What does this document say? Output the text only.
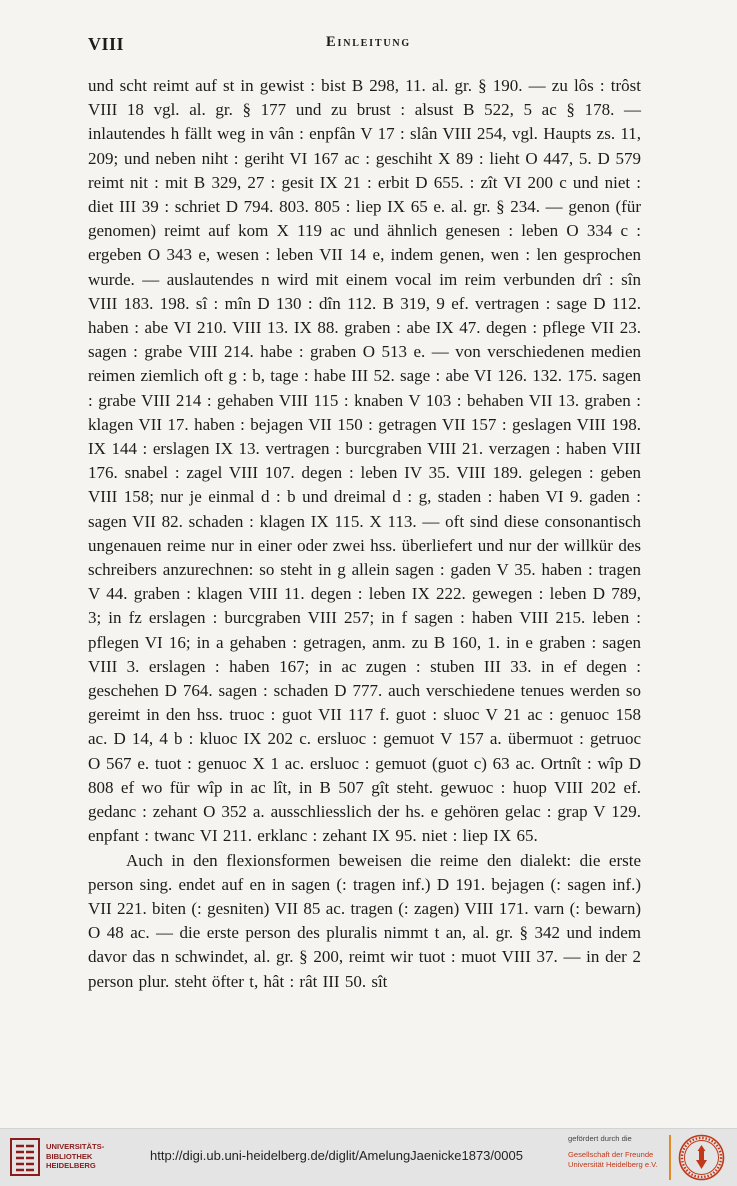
VIII	Einleitung

und scht reimt auf st in gewist : bist B 298, 11. al. gr. § 190. — zu lôs : trôst VIII 18 vgl. al. gr. § 177 und zu brust : alsust B 522, 5 ac § 178. — inlautendes h fällt weg in vân : enpfân V 17 : slân VIII 254, vgl. Haupts zs. 11, 209; und neben niht : geriht VI 167 ac : geschiht X 89 : lieht O 447, 5. D 579 reimt nit : mit B 329, 27 : gesit IX 21 : erbit D 655. : zît VI 200 c und niet : diet III 39 : schriet D 794. 803. 805 : liep IX 65 e. al. gr. § 234. — genon (für genomen) reimt auf kom X 119 ac und ähnlich genesen : leben O 334 c : ergeben O 343 e, wesen : leben VII 14 e, indem genen, wen : len gesprochen wurde. — auslautendes n wird mit einem vocal im reim verbunden drî : sîn VIII 183. 198. sî : mîn D 130 : dîn 112. B 319, 9 ef. vertragen : sage D 112. haben : abe VI 210. VIII 13. IX 88. graben : abe IX 47. degen : pflege VII 23. sagen : grabe VIII 214. habe : graben O 513 e. — von verschiedenen medien reimen ziemlich oft g : b, tage : habe III 52. sage : abe VI 126. 132. 175. sagen : grabe VIII 214 : gehaben VIII 115 : knaben V 103 : behaben VII 13. graben : klagen VII 17. haben : bejagen VII 150 : getragen VII 157 : geslagen VIII 198. IX 144 : erslagen IX 13. vertragen : burcgraben VIII 21. verzagen : haben VIII 176. snabel : zagel VIII 107. degen : leben IV 35. VIII 189. gelegen : geben VIII 158; nur je einmal d : b und dreimal d : g, staden : haben VI 9. gaden : sagen VII 82. schaden : klagen IX 115. X 113. — oft sind diese consonantisch ungenauen reime nur in einer oder zwei hss. überliefert und nur der willkür des schreibers anzurechnen: so steht in g allein sagen : gaden V 35. haben : tragen V 44. graben : klagen VIII 11. degen : leben IX 222. gewegen : leben D 789, 3; in fz erslagen : burcgraben VIII 257; in f sagen : haben VIII 215. leben : pflegen VI 16; in a gehaben : getragen, anm. zu B 160, 1. in e graben : sagen VIII 3. erslagen : haben 167; in ac zugen : stuben III 33. in ef degen : geschehen D 764. sagen : schaden D 777. auch verschiedene tenues werden so gereimt in den hss. truoc : guot VII 117 f. guot : sluoc V 21 ac : genuoc 158 ac. D 14, 4 b : kluoc IX 202 c. ersluoc : gemuot V 157 a. übermuot : getruoc O 567 e. tuot : genuoc X 1 ac. ersluoc : gemuot (guot c) 63 ac. Ortnît : wîp D 808 ef wo für wîp in ac lît, in B 507 gît steht. gewuoc : huop VIII 202 ef. gedanc : zehant O 352 a. ausschliesslich der hs. e gehören gelac : grap V 129. enpfant : twanc VI 211. erklanc : zehant IX 95. niet : liep IX 65.

Auch in den flexionsformen beweisen die reime den dialekt: die erste person sing. endet auf en in sagen (: tragen inf.) D 191. bejagen (: sagen inf.) VII 221. biten (: gesniten) VII 85 ac. tragen (: zagen) VIII 171. varn (: bewarn) O 48 ac. — die erste person des pluralis nimmt t an, al. gr. § 342 und indem davor das n schwindet, al. gr. § 200, reimt wir tuot : muot VIII 37. — in der 2 person plur. steht öfter t, hât : rât III 50. sît

UNIVERSITÄTS-
BIBLIOTHEK
HEIDELBERG
http://digi.ub.uni-heidelberg.de/diglit/AmelungJaenicke1873/0005
gefördert durch die
Gesellschaft der Freunde
Universität Heidelberg e.V.
